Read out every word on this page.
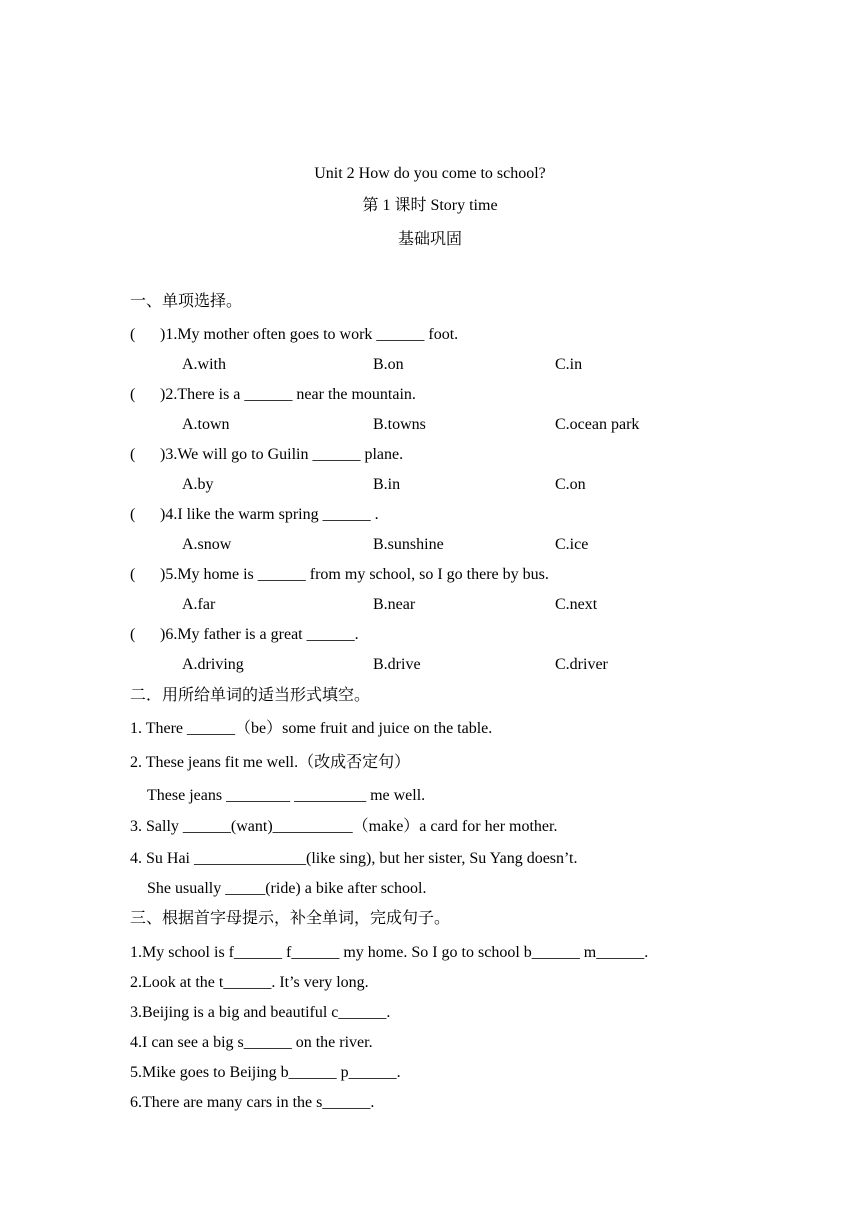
Unit 2 How do you come to school?
第 1 课时 Story time
基础巩固
一、单项选择。
( )1.My mother often goes to work ______ foot.
A.with	B.on	C.in
( )2.There is a ______ near the mountain.
A.town	B.towns	C.ocean park
( )3.We will go to Guilin ______ plane.
A.by	B.in	C.on
( )4.I like the warm spring ______ .
A.snow	B.sunshine	C.ice
( )5.My home is ______ from my school, so I go there by bus.
A.far	B.near	C.next
( )6.My father is a great ______.
A.driving	B.drive	C.driver
二．用所给单词的适当形式填空。
1. There ______（be）some fruit and juice on the table.
2. These jeans fit me well.（改成否定句）
These jeans ________ _________ me well.
3. Sally ______(want)__________（make）a card for her mother.
4. Su Hai ______________(like sing), but her sister, Su Yang doesn’t.
She usually _____(ride) a bike after school.
三、根据首字母提示，补全单词，完成句子。
1.My school is f______ f______ my home. So I go to school b______ m______.
2.Look at the t______. It’s very long.
3.Beijing is a big and beautiful c______.
4.I can see a big s______ on the river.
5.Mike goes to Beijing b______ p______.
6.There are many cars in the s______.
